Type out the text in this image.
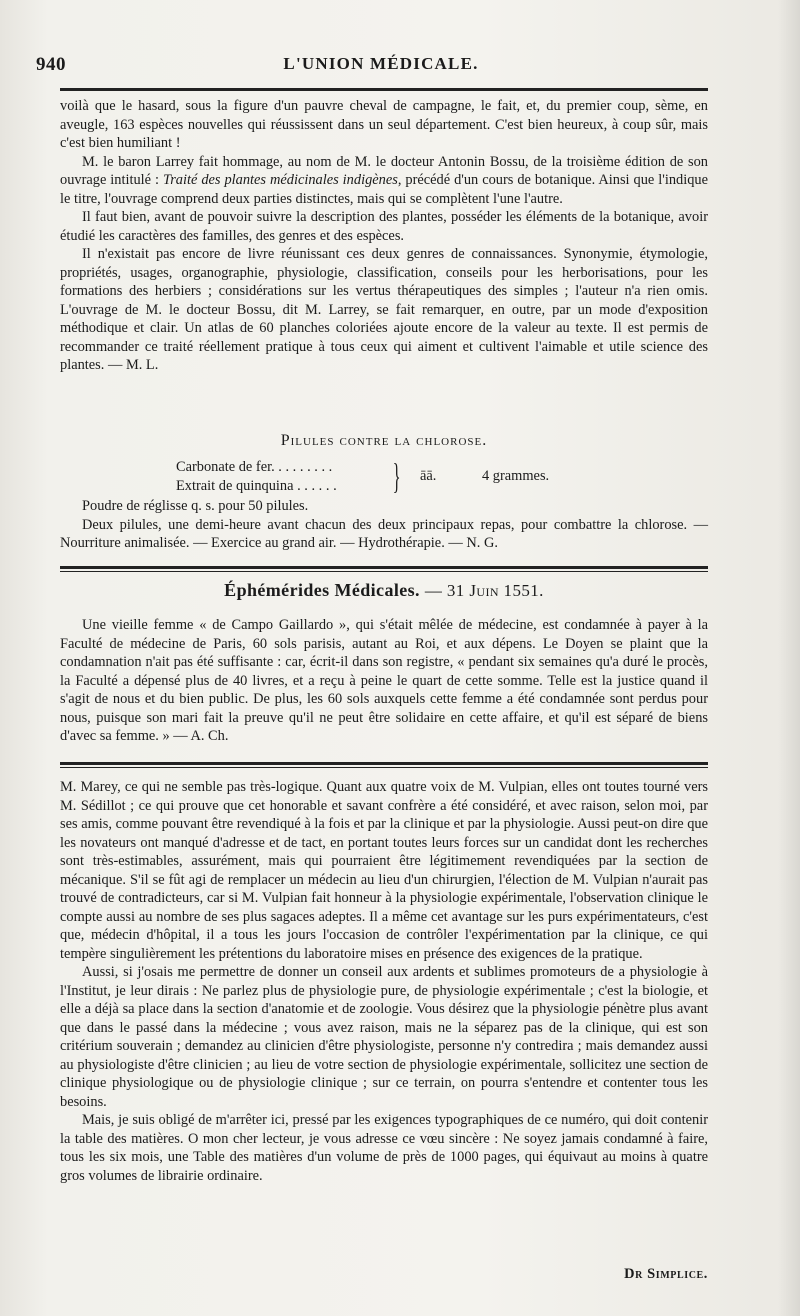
940	L'UNION MÉDICALE.

voilà que le hasard, sous la figure d'un pauvre cheval de campagne, le fait, et, du premier coup, sème, en aveugle, 163 espèces nouvelles qui réussissent dans un seul département. C'est bien heureux, à coup sûr, mais c'est bien humiliant !

M. le baron Larrey fait hommage, au nom de M. le docteur Antonin Bossu, de la troisième édition de son ouvrage intitulé : Traité des plantes médicinales indigènes, précédé d'un cours de botanique. Ainsi que l'indique le titre, l'ouvrage comprend deux parties distinctes, mais qui se complètent l'une l'autre.

Il faut bien, avant de pouvoir suivre la description des plantes, posséder les éléments de la botanique, avoir étudié les caractères des familles, des genres et des espèces.

Il n'existait pas encore de livre réunissant ces deux genres de connaissances. Synonymie, étymologie, propriétés, usages, organographie, physiologie, classification, conseils pour les herborisations, pour les formations des herbiers ; considérations sur les vertus thérapeutiques des simples ; l'auteur n'a rien omis. L'ouvrage de M. le docteur Bossu, dit M. Larrey, se fait remarquer, en outre, par un mode d'exposition méthodique et clair. Un atlas de 60 planches coloriées ajoute encore de la valeur au texte. Il est permis de recommander ce traité réellement pratique à tous ceux qui aiment et cultivent l'aimable et utile science des plantes. — M. L.

Pilules contre la chlorose.
Carbonate de fer. . . . . . . . .
Extrait de quinquina . . . . . .	} āā.	4 grammes.

Poudre de réglisse q. s. pour 50 pilules.

Deux pilules, une demi-heure avant chacun des deux principaux repas, pour combattre la chlorose. — Nourriture animalisée. — Exercice au grand air. — Hydrothérapie. — N. G.

Éphémérides Médicales. — 31 Juin 1551.

Une vieille femme « de Campo Gaillardo », qui s'était mêlée de médecine, est condamnée à payer à la Faculté de médecine de Paris, 60 sols parisis, autant au Roi, et aux dépens. Le Doyen se plaint que la condamnation n'ait pas été suffisante : car, écrit-il dans son registre, « pendant six semaines qu'a duré le procès, la Faculté a dépensé plus de 40 livres, et a reçu à peine le quart de cette somme. Telle est la justice quand il s'agit de nous et du bien public. De plus, les 60 sols auxquels cette femme a été condamnée sont perdus pour nous, puisque son mari fait la preuve qu'il ne peut être solidaire en cette affaire, et qu'il est séparé de biens d'avec sa femme. » — A. Ch.

M. Marey, ce qui ne semble pas très-logique. Quant aux quatre voix de M. Vulpian, elles ont toutes tourné vers M. Sédillot ; ce qui prouve que cet honorable et savant confrère a été considéré, et avec raison, selon moi, par ses amis, comme pouvant être revendiqué à la fois et par la clinique et par la physiologie. Aussi peut-on dire que les novateurs ont manqué d'adresse et de tact, en portant toutes leurs forces sur un candidat dont les recherches sont très-estimables, assurément, mais qui pourraient être légitimement revendiquées par la section de mécanique. S'il se fût agi de remplacer un médecin au lieu d'un chirurgien, l'élection de M. Vulpian n'aurait pas trouvé de contradicteurs, car si M. Vulpian fait honneur à la physiologie expérimentale, l'observation clinique le compte aussi au nombre de ses plus sagaces adeptes. Il a même cet avantage sur les purs expérimentateurs, c'est que, médecin d'hôpital, il a tous les jours l'occasion de contrôler l'expérimentation par la clinique, ce qui tempère singulièrement les prétentions du laboratoire mises en présence des exigences de la pratique.

Aussi, si j'osais me permettre de donner un conseil aux ardents et sublimes promoteurs de a physiologie à l'Institut, je leur dirais : Ne parlez plus de physiologie pure, de physiologie expérimentale ; c'est la biologie, et elle a déjà sa place dans la section d'anatomie et de zoologie. Vous désirez que la physiologie pénètre plus avant que dans le passé dans la médecine ; vous avez raison, mais ne la séparez pas de la clinique, qui est son critérium souverain ; demandez au clinicien d'être physiologiste, personne n'y contredira ; mais demandez aussi au physiologiste d'être clinicien ; au lieu de votre section de physiologie expérimentale, sollicitez une section de clinique physiologique ou de physiologie clinique ; sur ce terrain, on pourra s'entendre et contenter tous les besoins.

Mais, je suis obligé de m'arrêter ici, pressé par les exigences typographiques de ce numéro, qui doit contenir la table des matières. O mon cher lecteur, je vous adresse ce vœu sincère : Ne soyez jamais condamné à faire, tous les six mois, une Table des matières d'un volume de près de 1000 pages, qui équivaut au moins à quatre gros volumes de librairie ordinaire.

Dr Simplice.
